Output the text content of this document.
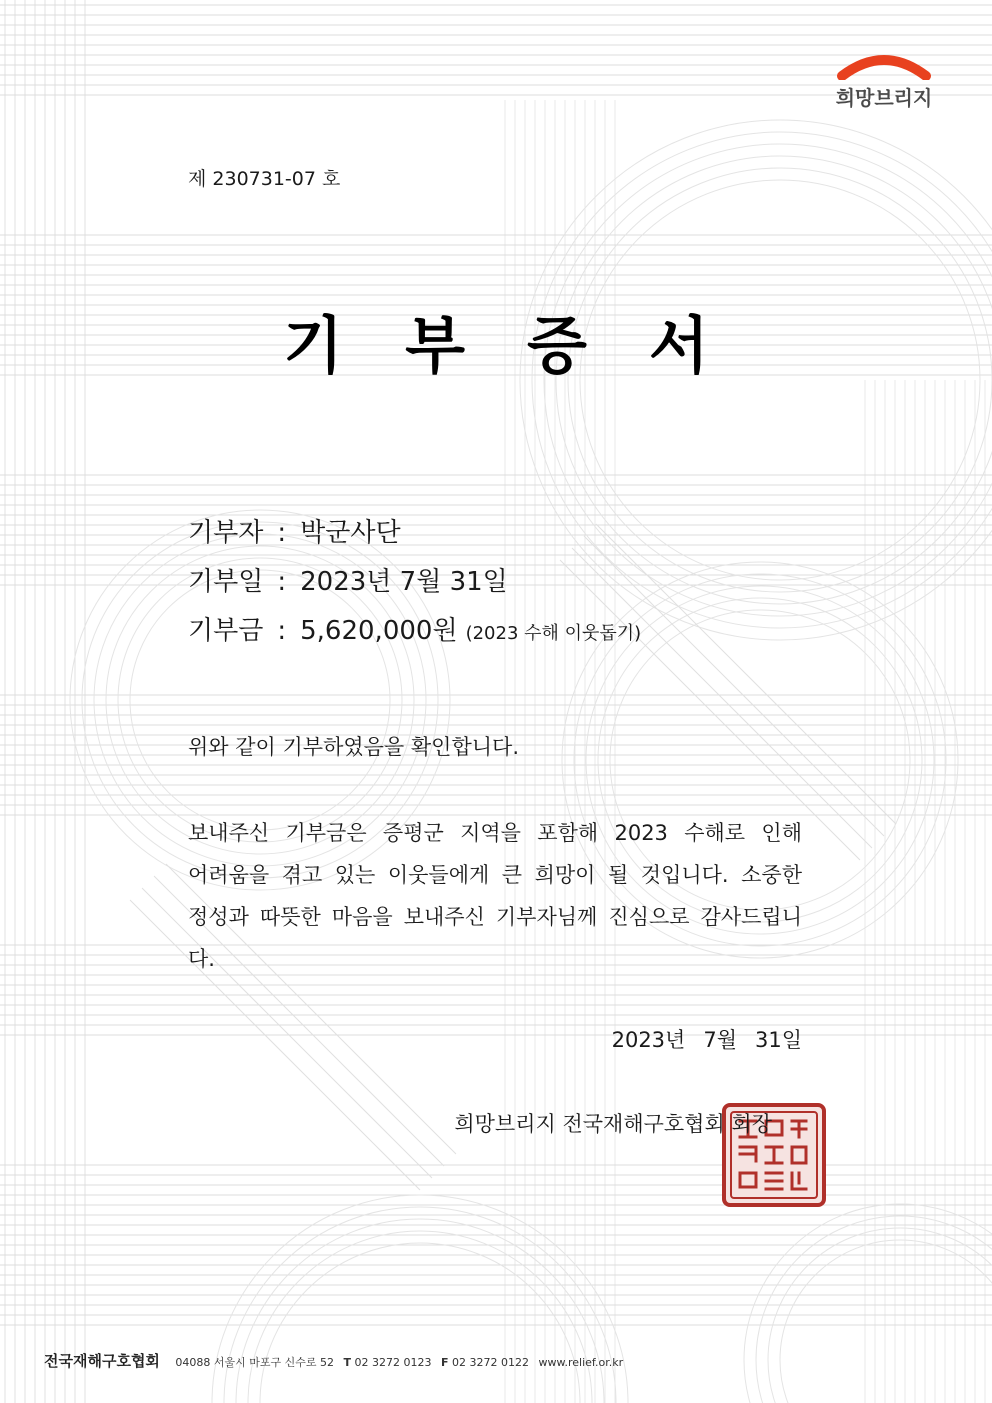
희망브리지
제 230731-07 호
기부증서
기부자 : 박군사단
기부일 : 2023년 7월 31일
기부금 : 5,620,000원 (2023 수해 이웃돕기)
위와 같이 기부하였음을 확인합니다.
보내주신 기부금은 증평군 지역을 포함해 2023 수해로 인해
어려움을 겪고 있는 이웃들에게 큰 희망이 될 것입니다. 소중한
정성과 따뜻한 마음을 보내주신 기부자님께 진심으로 감사드립니다.
2023년 7월 31일
희망브리지 전국재해구호협회 회장
전국재해구호협회 04088 서울시 마포구 신수로 52 T 02 3272 0123 F 02 3272 0122 www.relief.or.kr
